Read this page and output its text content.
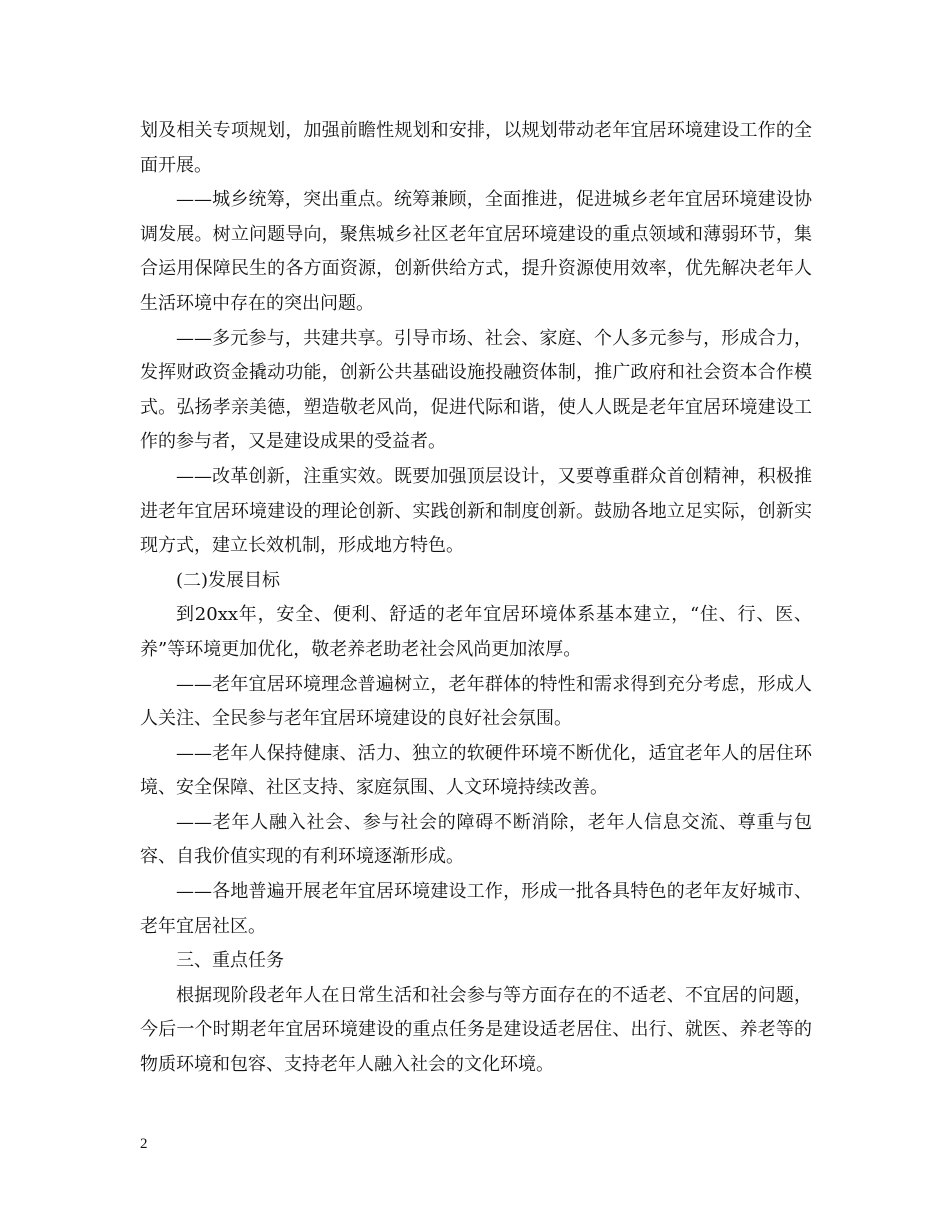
划及相关专项规划，加强前瞻性规划和安排，以规划带动老年宜居环境建设工作的全面开展。

——城乡统筹，突出重点。统筹兼顾，全面推进，促进城乡老年宜居环境建设协调发展。树立问题导向，聚焦城乡社区老年宜居环境建设的重点领域和薄弱环节，集合运用保障民生的各方面资源，创新供给方式，提升资源使用效率，优先解决老年人生活环境中存在的突出问题。

——多元参与，共建共享。引导市场、社会、家庭、个人多元参与，形成合力，发挥财政资金撬动功能，创新公共基础设施投融资体制，推广政府和社会资本合作模式。弘扬孝亲美德，塑造敬老风尚，促进代际和谐，使人人既是老年宜居环境建设工作的参与者，又是建设成果的受益者。

——改革创新，注重实效。既要加强顶层设计，又要尊重群众首创精神，积极推进老年宜居环境建设的理论创新、实践创新和制度创新。鼓励各地立足实际，创新实现方式，建立长效机制，形成地方特色。

(二)发展目标

到20xx年，安全、便利、舒适的老年宜居环境体系基本建立，“住、行、医、养”等环境更加优化，敬老养老助老社会风尚更加浓厚。

——老年宜居环境理念普遍树立，老年群体的特性和需求得到充分考虑，形成人人关注、全民参与老年宜居环境建设的良好社会氛围。

——老年人保持健康、活力、独立的软硬件环境不断优化，适宜老年人的居住环境、安全保障、社区支持、家庭氛围、人文环境持续改善。

——老年人融入社会、参与社会的障碍不断消除，老年人信息交流、尊重与包容、自我价值实现的有利环境逐渐形成。

——各地普遍开展老年宜居环境建设工作，形成一批各具特色的老年友好城市、老年宜居社区。

三、重点任务

根据现阶段老年人在日常生活和社会参与等方面存在的不适老、不宜居的问题，今后一个时期老年宜居环境建设的重点任务是建设适老居住、出行、就医、养老等的物质环境和包容、支持老年人融入社会的文化环境。

2
